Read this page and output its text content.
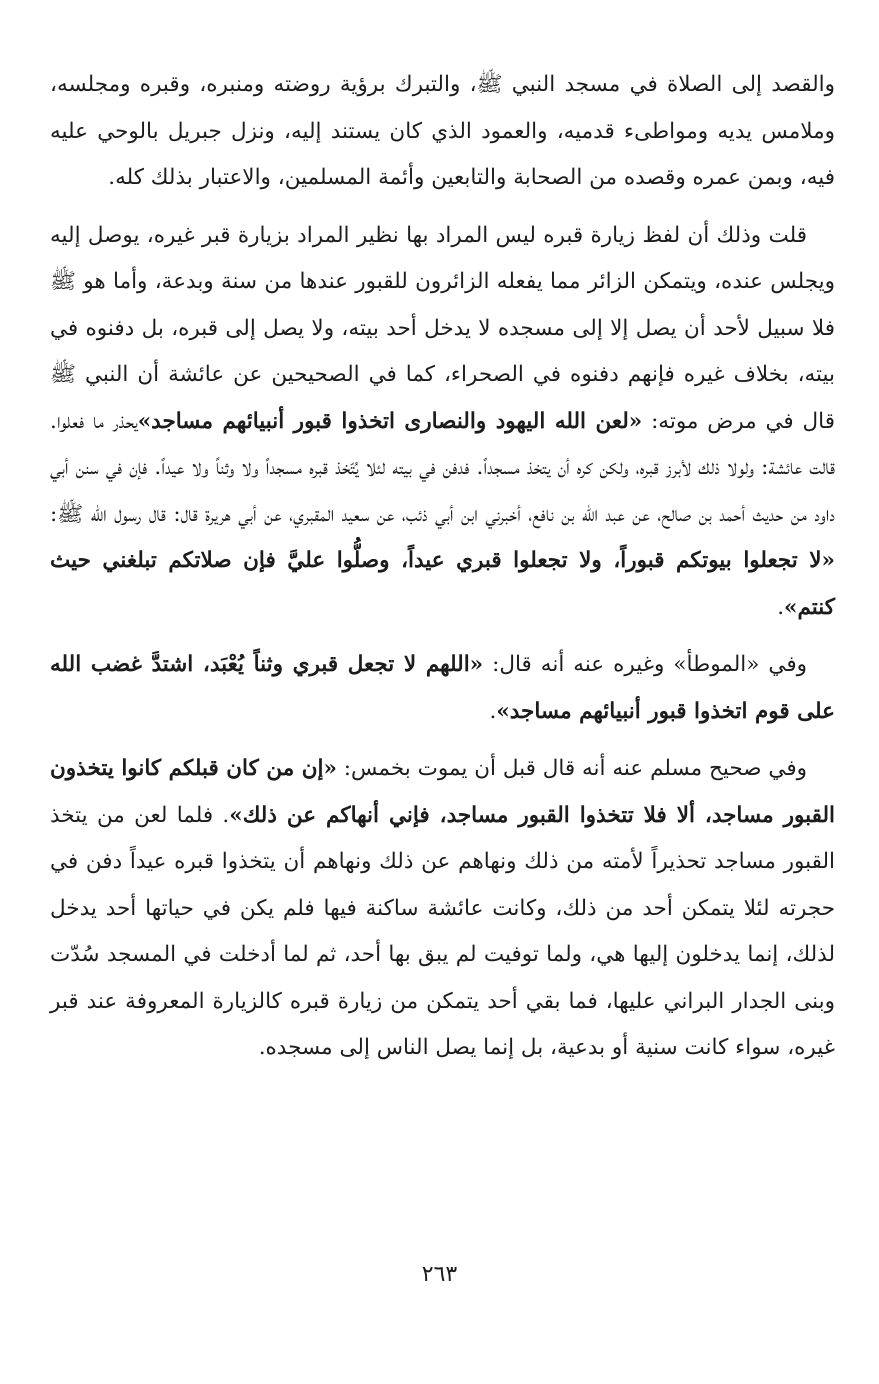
والقصد إلى الصلاة في مسجد النبي ﷺ، والتبرك برؤية روضته ومنبره، وقبره ومجلسه، وملامس يديه ومواطىء قدميه، والعمود الذي كان يستند إليه، ونزل جبريل بالوحي عليه فيه، وبمن عمره وقصده من الصحابة والتابعين وأئمة المسلمين، والاعتبار بذلك كله.

قلت وذلك أن لفظ زيارة قبره ليس المراد بها نظير المراد بزيارة قبر غيره، يوصل إليه ويجلس عنده، ويتمكن الزائر مما يفعله الزائرون للقبور عندها من سنة وبدعة، وأما هو ﷺ فلا سبيل لأحد أن يصل إلا إلى مسجده لا يدخل أحد بيته، ولا يصل إلى قبره، بل دفنوه في بيته، بخلاف غيره فإنهم دفنوه في الصحراء، كما في الصحيحين عن عائشة أن النبي ﷺ قال في مرض موته: «لعن الله اليهود والنصارى اتخذوا قبور أنبيائهم مساجد»يحذر ما فعلوا. قالت عائشة: ولولا ذلك لأبرز قبره، ولكن كره أن يتخذ مسجداً. فدفن في بيته لئلا يُتّخذ قبره مسجداً ولا وثناً ولا عيداً. فإن في سنن أبي داود من حديث أحمد بن صالح، عن عبد الله بن نافع، أخبرني ابن أبي ذئب، عن سعيد المقبري، عن أبي هريرة قال: قال رسول الله ﷺ: «لا تجعلوا بيوتكم قبوراً، ولا تجعلوا قبري عيداً، وصلُّوا عليَّ فإن صلاتكم تبلغني حيث كنتم».

وفي «الموطأ» وغيره عنه أنه قال: «اللهم لا تجعل قبري وثناً يُعْبَد، اشتدَّ غضب الله على قوم اتخذوا قبور أنبيائهم مساجد».

وفي صحيح مسلم عنه أنه قال قبل أن يموت بخمس: «إن من كان قبلكم كانوا يتخذون القبور مساجد، ألا فلا تتخذوا القبور مساجد، فإني أنهاكم عن ذلك». فلما لعن من يتخذ القبور مساجد تحذيراً لأمته من ذلك ونهاهم عن ذلك ونهاهم أن يتخذوا قبره عيداً دفن في حجرته لئلا يتمكن أحد من ذلك، وكانت عائشة ساكنة فيها فلم يكن في حياتها أحد يدخل لذلك، إنما يدخلون إليها هي، ولما توفيت لم يبق بها أحد، ثم لما أدخلت في المسجد سُدّت وبنى الجدار البراني عليها، فما بقي أحد يتمكن من زيارة قبره كالزيارة المعروفة عند قبر غيره، سواء كانت سنية أو بدعية، بل إنما يصل الناس إلى مسجده.

٢٦٣
